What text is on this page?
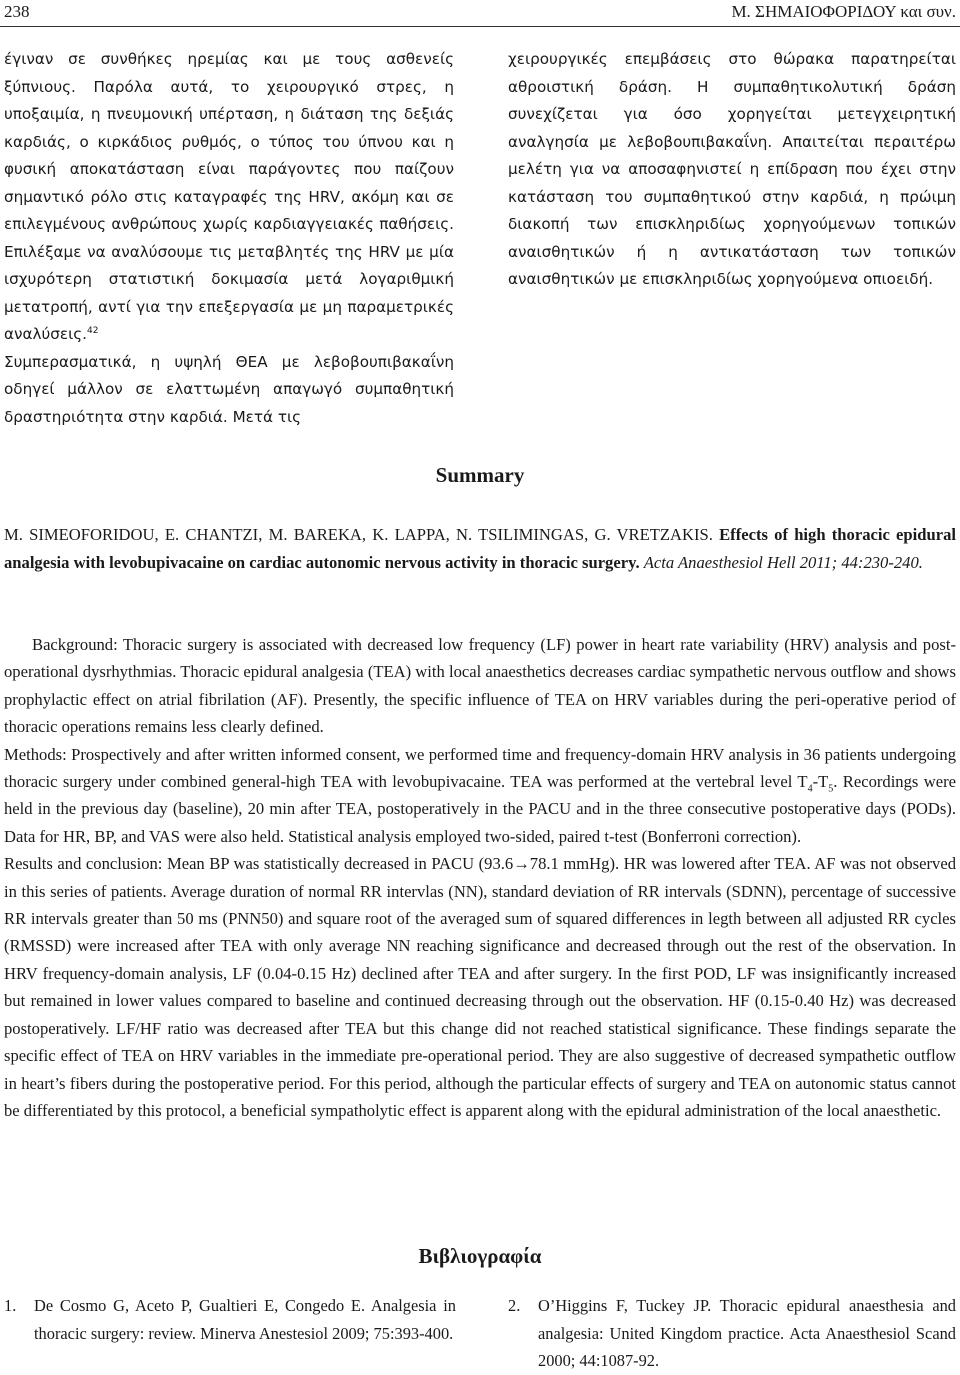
238	Μ. ΣΗΜΑΙΟΦΟΡΙΔΟΥ και συν.

έγιναν σε συνθήκες ηρεμίας και με τους ασθενείς ξύπνιους. Παρόλα αυτά, το χειρουργικό στρες, η υποξαιμία, η πνευμονική υπέρταση, η διάταση της δεξιάς καρδιάς, ο κιρκάδιος ρυθμός, ο τύπος του ύπνου και η φυσική αποκατάσταση είναι παράγοντες που παίζουν σημαντικό ρόλο στις καταγραφές της HRV, ακόμη και σε επιλεγμένους ανθρώπους χωρίς καρδιαγγειακές παθήσεις. Επιλέξαμε να αναλύσουμε τις μεταβλητές της HRV με μία ισχυρότερη στατιστική δοκιμασία μετά λογαριθμική μετατροπή, αντί για την επεξεργασία με μη παραμετρικές αναλύσεις.$^{42}$

Συμπερασματικά, η υψηλή ΘΕΑ με λεβοβουπιβακαΐνη οδηγεί μάλλον σε ελαττωμένη απαγωγό συμπαθητική δραστηριότητα στην καρδιά. Μετά τις

χειρουργικές επεμβάσεις στο θώρακα παρατηρείται αθροιστική δράση. Η συμπαθητικολυτική δράση συνεχίζεται για όσο χορηγείται μετεγχειρητική αναλγησία με λεβοβουπιβακαΐνη. Απαιτείται περαιτέρω μελέτη για να αποσαφηνιστεί η επίδραση που έχει στην κατάσταση του συμπαθητικού στην καρδιά, η πρώιμη διακοπή των επισκληριδίως χορηγούμενων τοπικών αναισθητικών ή η αντικατάσταση των τοπικών αναισθητικών με επισκληριδίως χορηγούμενα οπιοειδή.

Summary
M. SIMEOFORIDOU, E. CHANTZI, M. BAREKA, K. LAPPA, N. TSILIMINGAS, G. VRETZAKIS. Effects of high thoracic epidural analgesia with levobupivacaine on cardiac autonomic nervous activity in thoracic surgery. Acta Anaesthesiol Hell 2011; 44:230-240.

Background: Thoracic surgery is associated with decreased low frequency (LF) power in heart rate variability (HRV) analysis and post-operational dysrhythmias. Thoracic epidural analgesia (TEA) with local anaesthetics decreases cardiac sympathetic nervous outflow and shows prophylactic effect on atrial fibrilation (AF). Presently, the specific influence of TEA on HRV variables during the peri-operative period of thoracic operations remains less clearly defined.

Methods: Prospectively and after written informed consent, we performed time and frequency-domain HRV analysis in 36 patients undergoing thoracic surgery under combined general-high TEA with levobupivacaine. TEA was performed at the vertebral level $T_4-T_5$. Recordings were held in the previous day (baseline), 20 min after TEA, postoperatively in the PACU and in the three consecutive postoperative days (PODs). Data for HR, BP, and VAS were also held. Statistical analysis employed two-sided, paired t-test (Bonferroni correction).

Results and conclusion: Mean BP was statistically decreased in PACU (93.6→78.1 mmHg). HR was lowered after TEA. AF was not observed in this series of patients. Average duration of normal RR intervlas (NN), standard deviation of RR intervals (SDNN), percentage of successive RR intervals greater than 50 ms (PNN50) and square root of the averaged sum of squared differences in legth between all adjusted RR cycles (RMSSD) were increased after TEA with only average NN reaching significance and decreased through out the rest of the observation. In HRV frequency-domain analysis, LF (0.04-0.15 Hz) declined after TEA and after surgery. In the first POD, LF was insignificantly increased but remained in lower values compared to baseline and continued decreasing through out the observation. HF (0.15-0.40 Hz) was decreased postoperatively. LF/HF ratio was decreased after TEA but this change did not reached statistical significance. These findings separate the specific effect of TEA on HRV variables in the immediate pre-operational period. They are also suggestive of decreased sympathetic outflow in heart’s fibers during the postoperative period. For this period, although the particular effects of surgery and TEA on autonomic status cannot be differentiated by this protocol, a beneficial sympatholytic effect is apparent along with the epidural administration of the local anaesthetic.

Βιβλιογραφία
1. De Cosmo G, Aceto P, Gualtieri E, Congedo E. Analgesia in thoracic surgery: review. Minerva Anestesiol 2009; 75:393-400.
2. O’Higgins F, Tuckey JP. Thoracic epidural anaesthesia and analgesia: United Kingdom practice. Acta Anaesthesiol Scand 2000; 44:1087-92.
